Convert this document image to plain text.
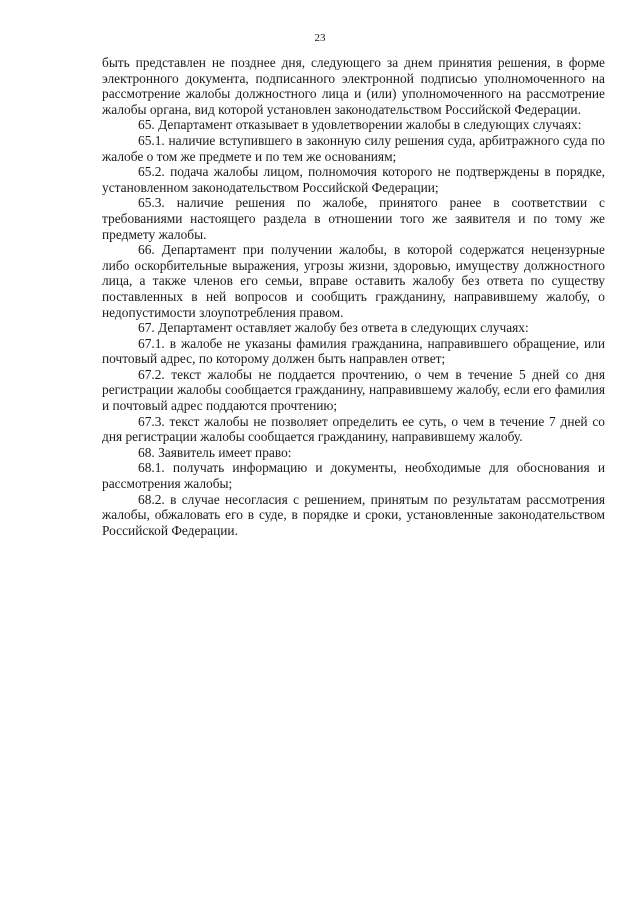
23

быть представлен не позднее дня, следующего за днем принятия решения, в форме электронного документа, подписанного электронной подписью уполномоченного на рассмотрение жалобы должностного лица и (или) уполномоченного на рассмотрение жалобы органа, вид которой установлен законодательством Российской Федерации.

65. Департамент отказывает в удовлетворении жалобы в следующих случаях:

65.1. наличие вступившего в законную силу решения суда, арбитражного суда по жалобе о том же предмете и по тем же основаниям;

65.2. подача жалобы лицом, полномочия которого не подтверждены в порядке, установленном законодательством Российской Федерации;

65.3. наличие решения по жалобе, принятого ранее в соответствии с требованиями настоящего раздела в отношении того же заявителя и по тому же предмету жалобы.

66. Департамент при получении жалобы, в которой содержатся нецензурные либо оскорбительные выражения, угрозы жизни, здоровью, имуществу должностного лица, а также членов его семьи, вправе оставить жалобу без ответа по существу поставленных в ней вопросов и сообщить гражданину, направившему жалобу, о недопустимости злоупотребления правом.

67. Департамент оставляет жалобу без ответа в следующих случаях:

67.1. в жалобе не указаны фамилия гражданина, направившего обращение, или почтовый адрес, по которому должен быть направлен ответ;

67.2. текст жалобы не поддается прочтению, о чем в течение 5 дней со дня регистрации жалобы сообщается гражданину, направившему жалобу, если его фамилия и почтовый адрес поддаются прочтению;

67.3. текст жалобы не позволяет определить ее суть, о чем в течение 7 дней со дня регистрации жалобы сообщается гражданину, направившему жалобу.

68. Заявитель имеет право:

68.1. получать информацию и документы, необходимые для обоснования и рассмотрения жалобы;

68.2. в случае несогласия с решением, принятым по результатам рассмотрения жалобы, обжаловать его в суде, в порядке и сроки, установленные законодательством Российской Федерации.
